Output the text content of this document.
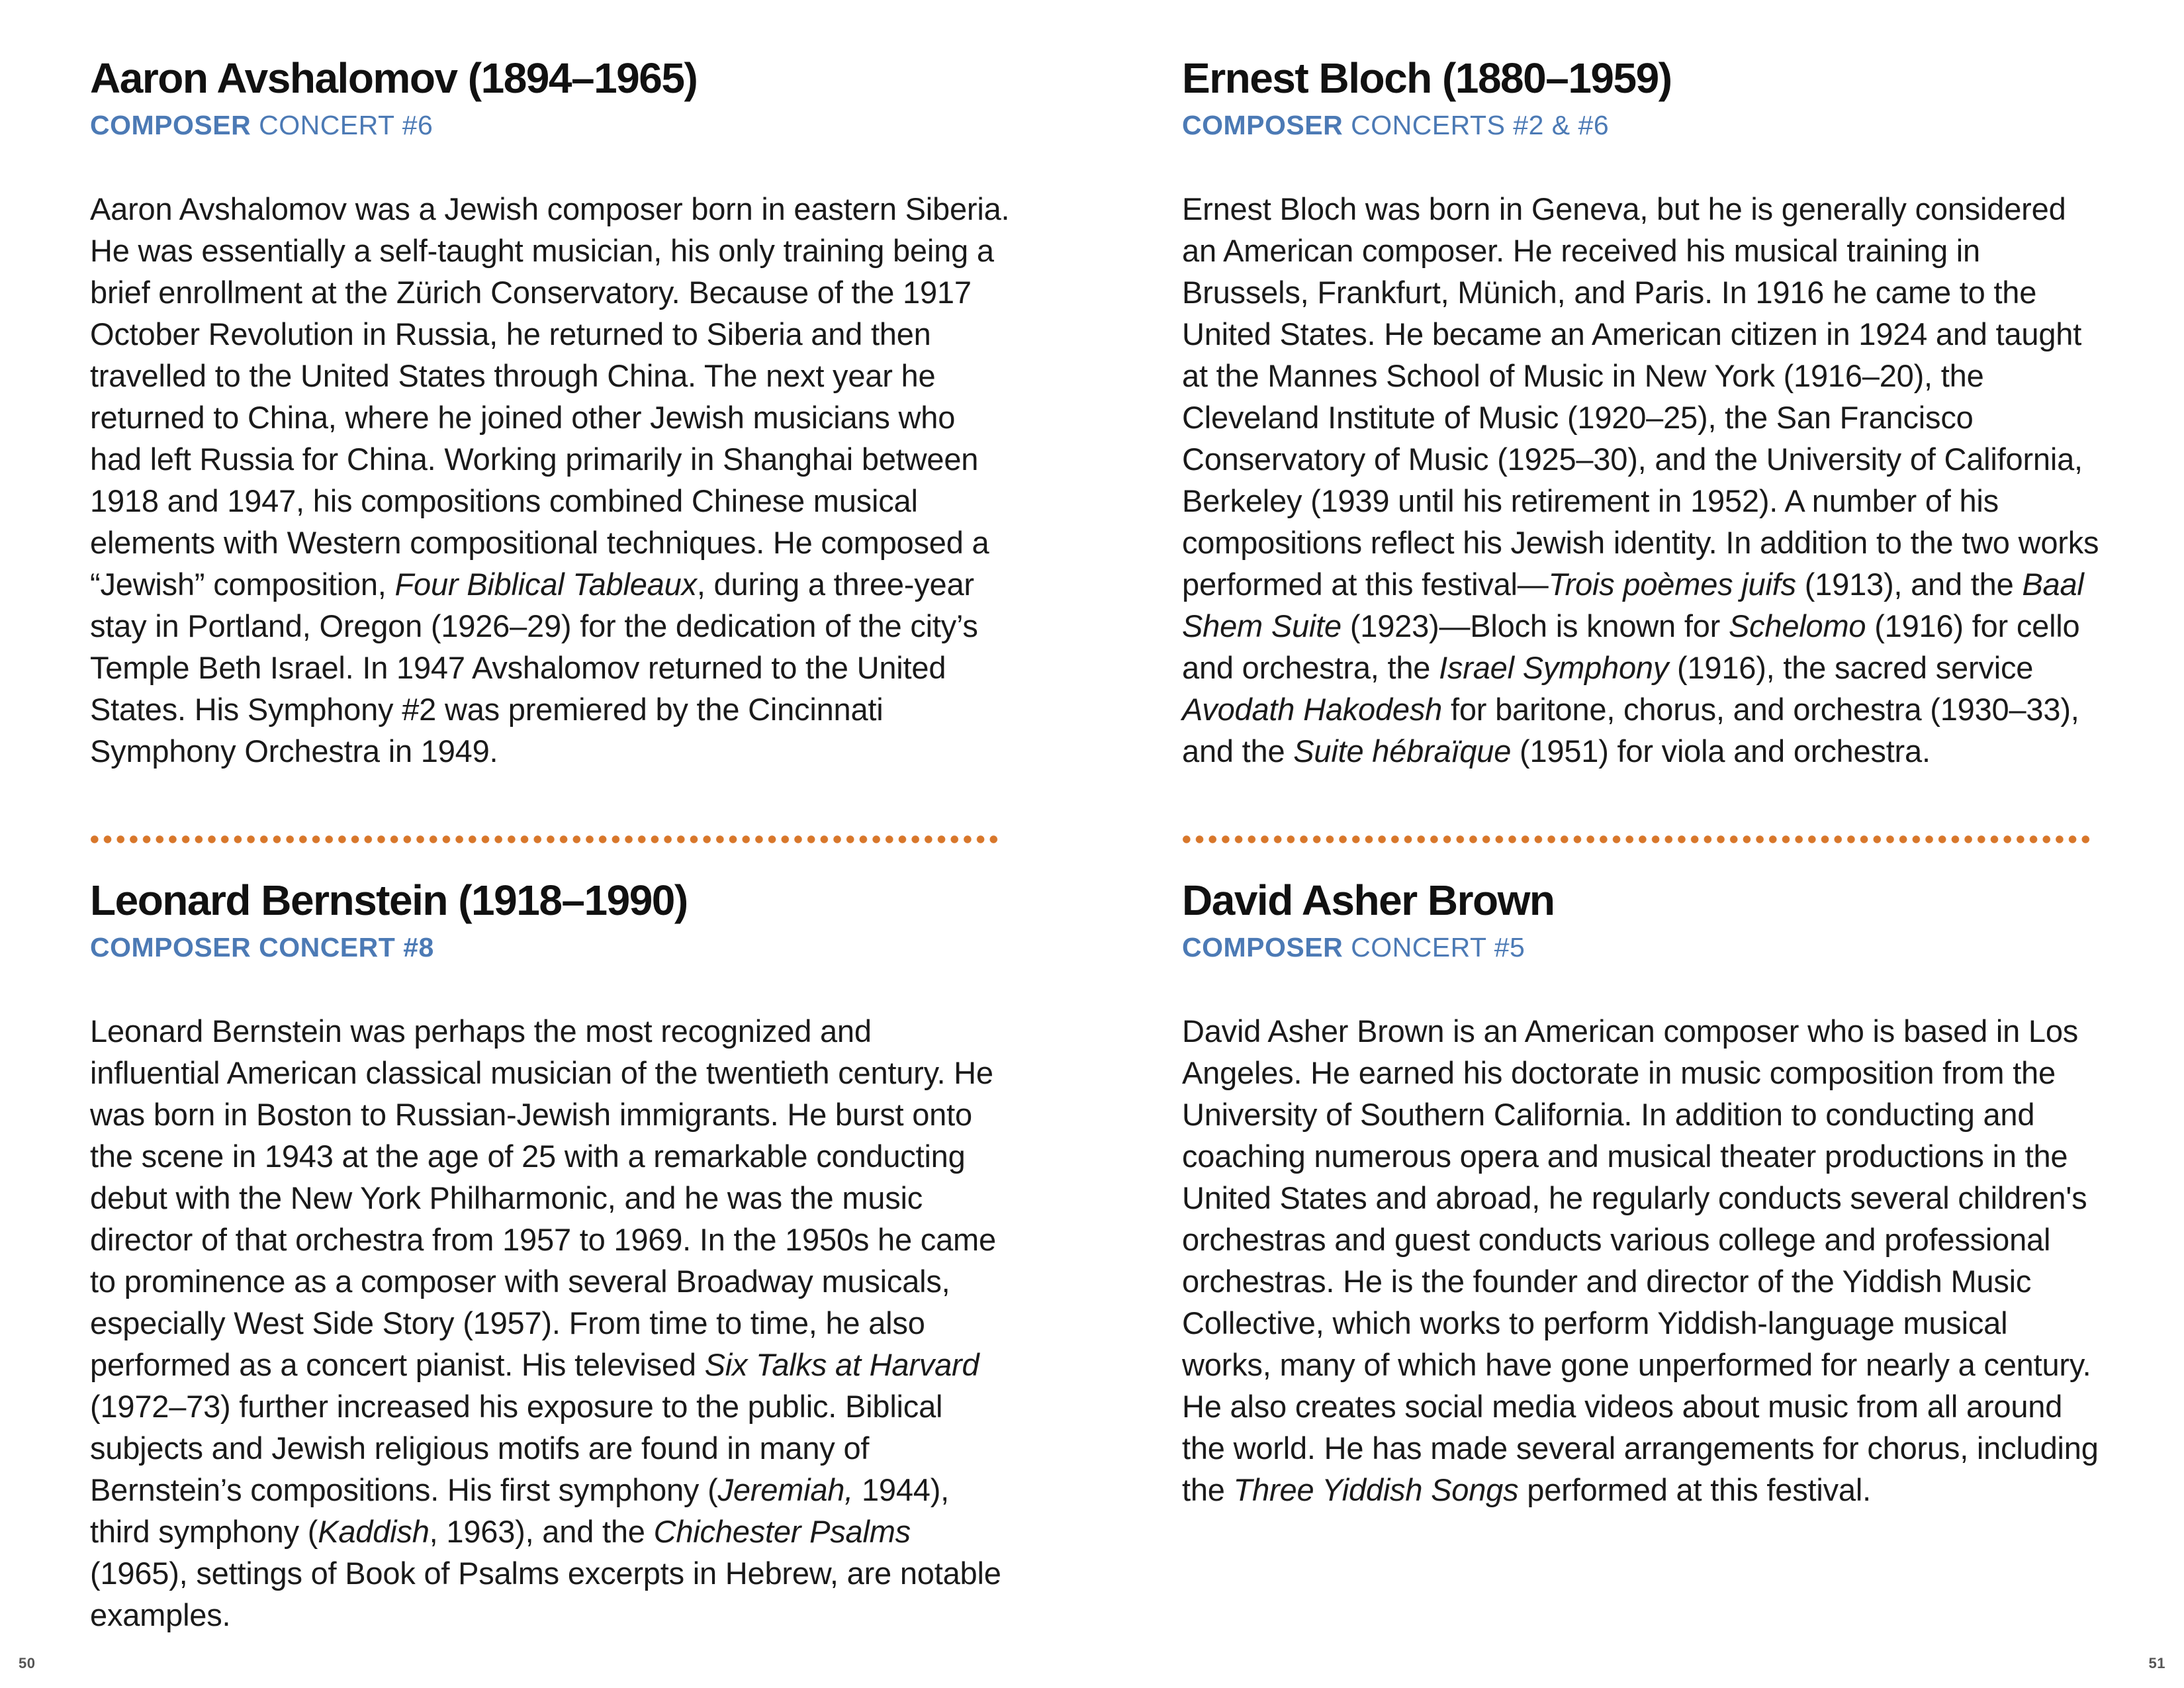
Aaron Avshalomov (1894–1965)
COMPOSER CONCERT #6

Aaron Avshalomov was a Jewish composer born in eastern Siberia. He was essentially a self-taught musician, his only training being a brief enrollment at the Zürich Conservatory. Because of the 1917 October Revolution in Russia, he returned to Siberia and then travelled to the United States through China. The next year he returned to China, where he joined other Jewish musicians who had left Russia for China. Working primarily in Shanghai between 1918 and 1947, his compositions combined Chinese musical elements with Western compositional techniques. He composed a “Jewish” composition, Four Biblical Tableaux, during a three-year stay in Portland, Oregon (1926–29) for the dedication of the city’s Temple Beth Israel. In 1947 Avshalomov returned to the United States. His Symphony #2 was premiered by the Cincinnati Symphony Orchestra in 1949.

Ernest Bloch (1880–1959)
COMPOSER CONCERTS #2 & #6

Ernest Bloch was born in Geneva, but he is generally considered an American composer. He received his musical training in Brussels, Frankfurt, Münich, and Paris. In 1916 he came to the United States. He became an American citizen in 1924 and taught at the Mannes School of Music in New York (1916–20), the Cleveland Institute of Music (1920–25), the San Francisco Conservatory of Music (1925–30), and the University of California, Berkeley (1939 until his retirement in 1952). A number of his compositions reflect his Jewish identity. In addition to the two works performed at this festival—Trois poèmes juifs (1913), and the Baal Shem Suite (1923)—Bloch is known for Schelomo (1916) for cello and orchestra, the Israel Symphony (1916), the sacred service Avodath Hakodesh for baritone, chorus, and orchestra (1930–33), and the Suite hébraïque (1951) for viola and orchestra.

Leonard Bernstein (1918–1990)
COMPOSER CONCERT #8

Leonard Bernstein was perhaps the most recognized and influential American classical musician of the twentieth century. He was born in Boston to Russian-Jewish immigrants. He burst onto the scene in 1943 at the age of 25 with a remarkable conducting debut with the New York Philharmonic, and he was the music director of that orchestra from 1957 to 1969. In the 1950s he came to prominence as a composer with several Broadway musicals, especially West Side Story (1957). From time to time, he also performed as a concert pianist. His televised Six Talks at Harvard (1972–73) further increased his exposure to the public. Biblical subjects and Jewish religious motifs are found in many of Bernstein’s compositions. His first symphony (Jeremiah, 1944), third symphony (Kaddish, 1963), and the Chichester Psalms (1965), settings of Book of Psalms excerpts in Hebrew, are notable examples.

David Asher Brown
COMPOSER CONCERT #5

David Asher Brown is an American composer who is based in Los Angeles. He earned his doctorate in music composition from the University of Southern California. In addition to conducting and coaching numerous opera and musical theater productions in the United States and abroad, he regularly conducts several children's orchestras and guest conducts various college and professional orchestras. He is the founder and director of the Yiddish Music Collective, which works to perform Yiddish-language musical works, many of which have gone unperformed for nearly a century. He also creates social media videos about music from all around the world. He has made several arrangements for chorus, including the Three Yiddish Songs performed at this festival.

50	51
